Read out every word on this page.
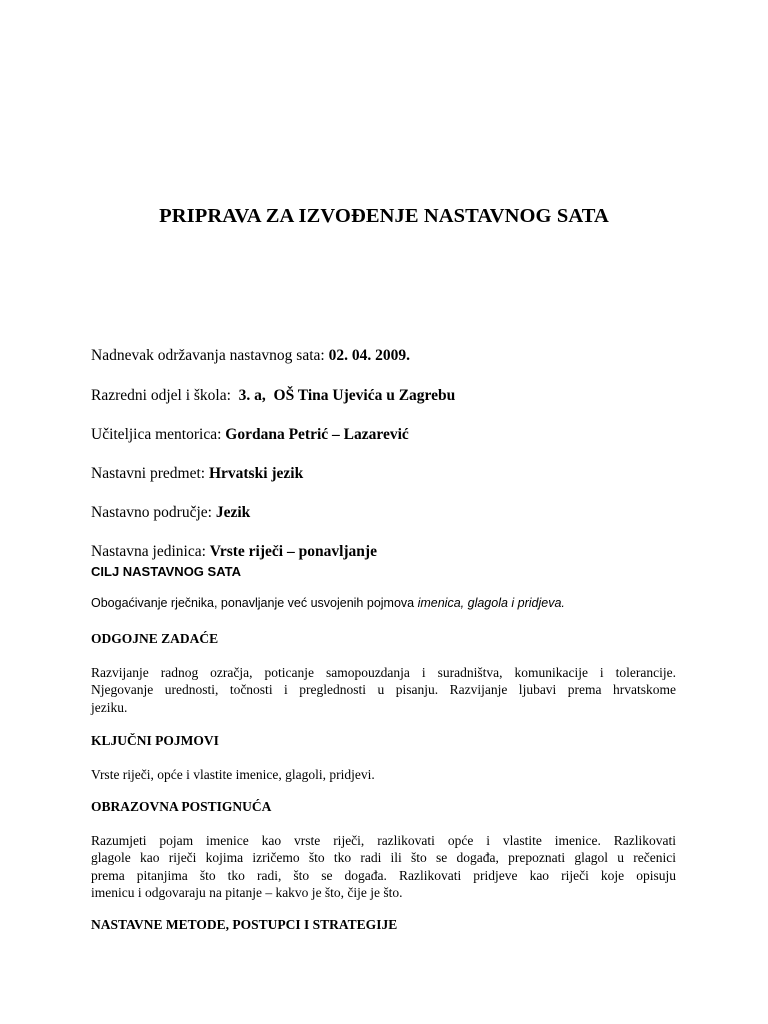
PRIPRAVA ZA IZVOĐENJE NASTAVNOG SATA
Nadnevak održavanja nastavnog sata: 02. 04. 2009.
Razredni odjel i škola:  3. a,  OŠ Tina Ujevića u Zagrebu
Učiteljica mentorica: Gordana Petrić – Lazarević
Nastavni predmet: Hrvatski jezik
Nastavno područje: Jezik
Nastavna jedinica: Vrste riječi – ponavljanje
CILJ NASTAVNOG SATA
Obogaćivanje rječnika, ponavljanje već usvojenih pojmova imenica, glagola i pridjeva.
ODGOJNE ZADAĆE
Razvijanje radnog ozračja, poticanje samopouzdanja i suradništva, komunikacije i tolerancije.
Njegovanje urednosti, točnosti i preglednosti u pisanju. Razvijanje ljubavi prema hrvatskome
jeziku.
KLJUČNI POJMOVI
Vrste riječi, opće i vlastite imenice, glagoli, pridjevi.
OBRAZOVNA POSTIGNUĆA
Razumjeti pojam imenice kao vrste riječi, razlikovati opće i vlastite imenice. Razlikovati
glagole kao riječi kojima izričemo što tko radi ili što se događa, prepoznati glagol u rečenici
prema pitanjima što tko radi, što se događa. Razlikovati pridjeve kao riječi koje opisuju
imenicu i odgovaraju na pitanje – kakvo je što, čije je što.
NASTAVNE METODE, POSTUPCI I STRATEGIJE
